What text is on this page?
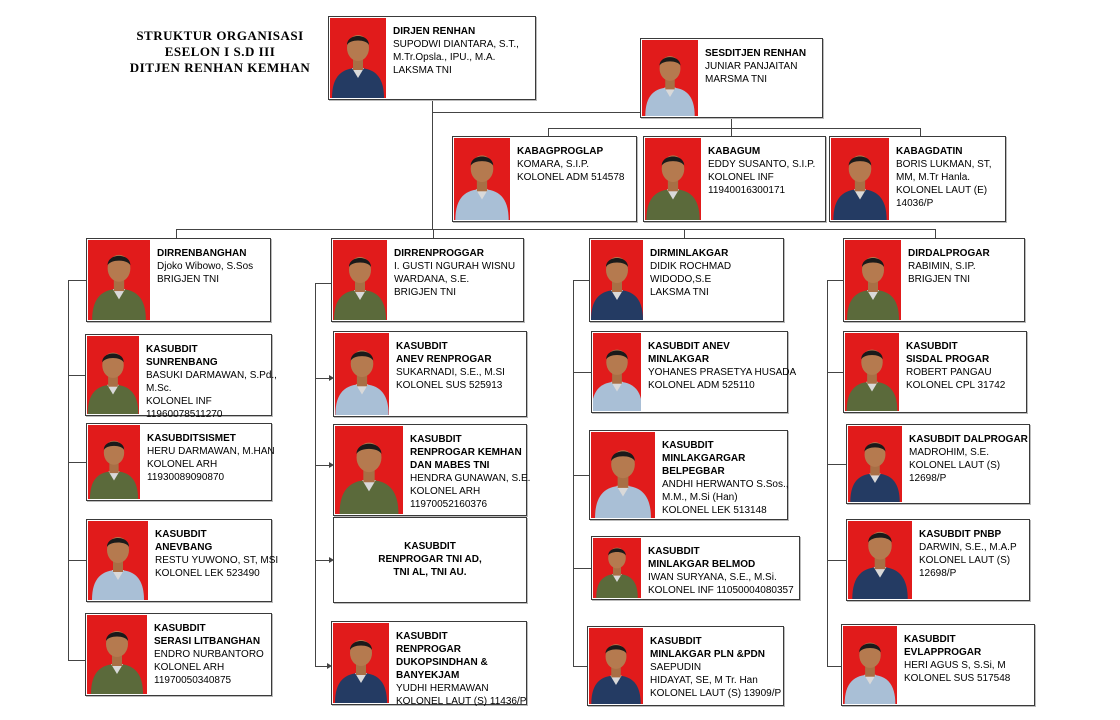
STRUKTUR ORGANISASI
ESELON I S.D III
DITJEN RENHAN KEMHAN
DIRJEN RENHAN
SUPODWI DIANTARA, S.T.,
M.Tr.Opsla., IPU., M.A.
LAKSMA TNI
SESDITJEN RENHAN
JUNIAR PANJAITAN
MARSMA TNI
KABAGPROGLAP
KOMARA, S.I.P.
KOLONEL ADM 514578
KABAGUM
EDDY SUSANTO, S.I.P.
KOLONEL INF
11940016300171
KABAGDATIN
BORIS LUKMAN, ST,
MM, M.Tr Hanla.
KOLONEL LAUT (E)
14036/P
DIRRENBANGHAN
Djoko Wibowo, S.Sos
BRIGJEN TNI
KASUBDIT
SUNRENBANG
BASUKI DARMAWAN, S.Pd.,
M.Sc.
KOLONEL INF
11960078511270
KASUBDITSISMET
HERU DARMAWAN, M.HAN
KOLONEL ARH
11930089090870
KASUBDIT
ANEVBANG
RESTU YUWONO, ST, MSI
KOLONEL LEK 523490
KASUBDIT
SERASI LITBANGHAN
ENDRO NURBANTORO
KOLONEL ARH
11970050340875
DIRRENPROGGAR
I. GUSTI NGURAH WISNU
WARDANA, S.E.
BRIGJEN TNI
KASUBDIT
ANEV RENPROGAR
SUKARNADI, S.E., M.SI
KOLONEL SUS 525913
KASUBDIT
RENPROGAR KEMHAN
DAN MABES TNI
HENDRA GUNAWAN, S.E.
KOLONEL ARH
11970052160376
KASUBDIT
RENPROGAR TNI AD,
TNI AL, TNI AU.
KASUBDIT
RENPROGAR
DUKOPSINDHAN &
BANYEKJAM
YUDHI HERMAWAN
KOLONEL LAUT (S) 11436/P
DIRMINLAKGAR
DIDIK ROCHMAD
WIDODO,S.E
LAKSMA TNI
KASUBDIT ANEV
MINLAKGAR
YOHANES PRASETYA HUSADA
KOLONEL ADM 525110
KASUBDIT
MINLAKGARGAR
BELPEGBAR
ANDHI HERWANTO S.Sos.,
M.M., M.Si (Han)
KOLONEL LEK 513148
KASUBDIT
MINLAKGAR BELMOD
IWAN SURYANA, S.E., M.Si.
KOLONEL INF 11050004080357
KASUBDIT
MINLAKGAR PLN &PDN
SAEPUDIN
HIDAYAT, SE, M Tr. Han
KOLONEL LAUT (S) 13909/P
DIRDALPROGAR
RABIMIN, S.IP.
BRIGJEN TNI
KASUBDIT
SISDAL PROGAR
ROBERT PANGAU
KOLONEL CPL 31742
KASUBDIT DALPROGAR
MADROHIM, S.E.
KOLONEL LAUT (S)
12698/P
KASUBDIT PNBP
DARWIN, S.E., M.A.P
KOLONEL LAUT (S)
12698/P
KASUBDIT
EVLAPPROGAR
HERI AGUS S, S.Si, M
KOLONEL SUS 517548
